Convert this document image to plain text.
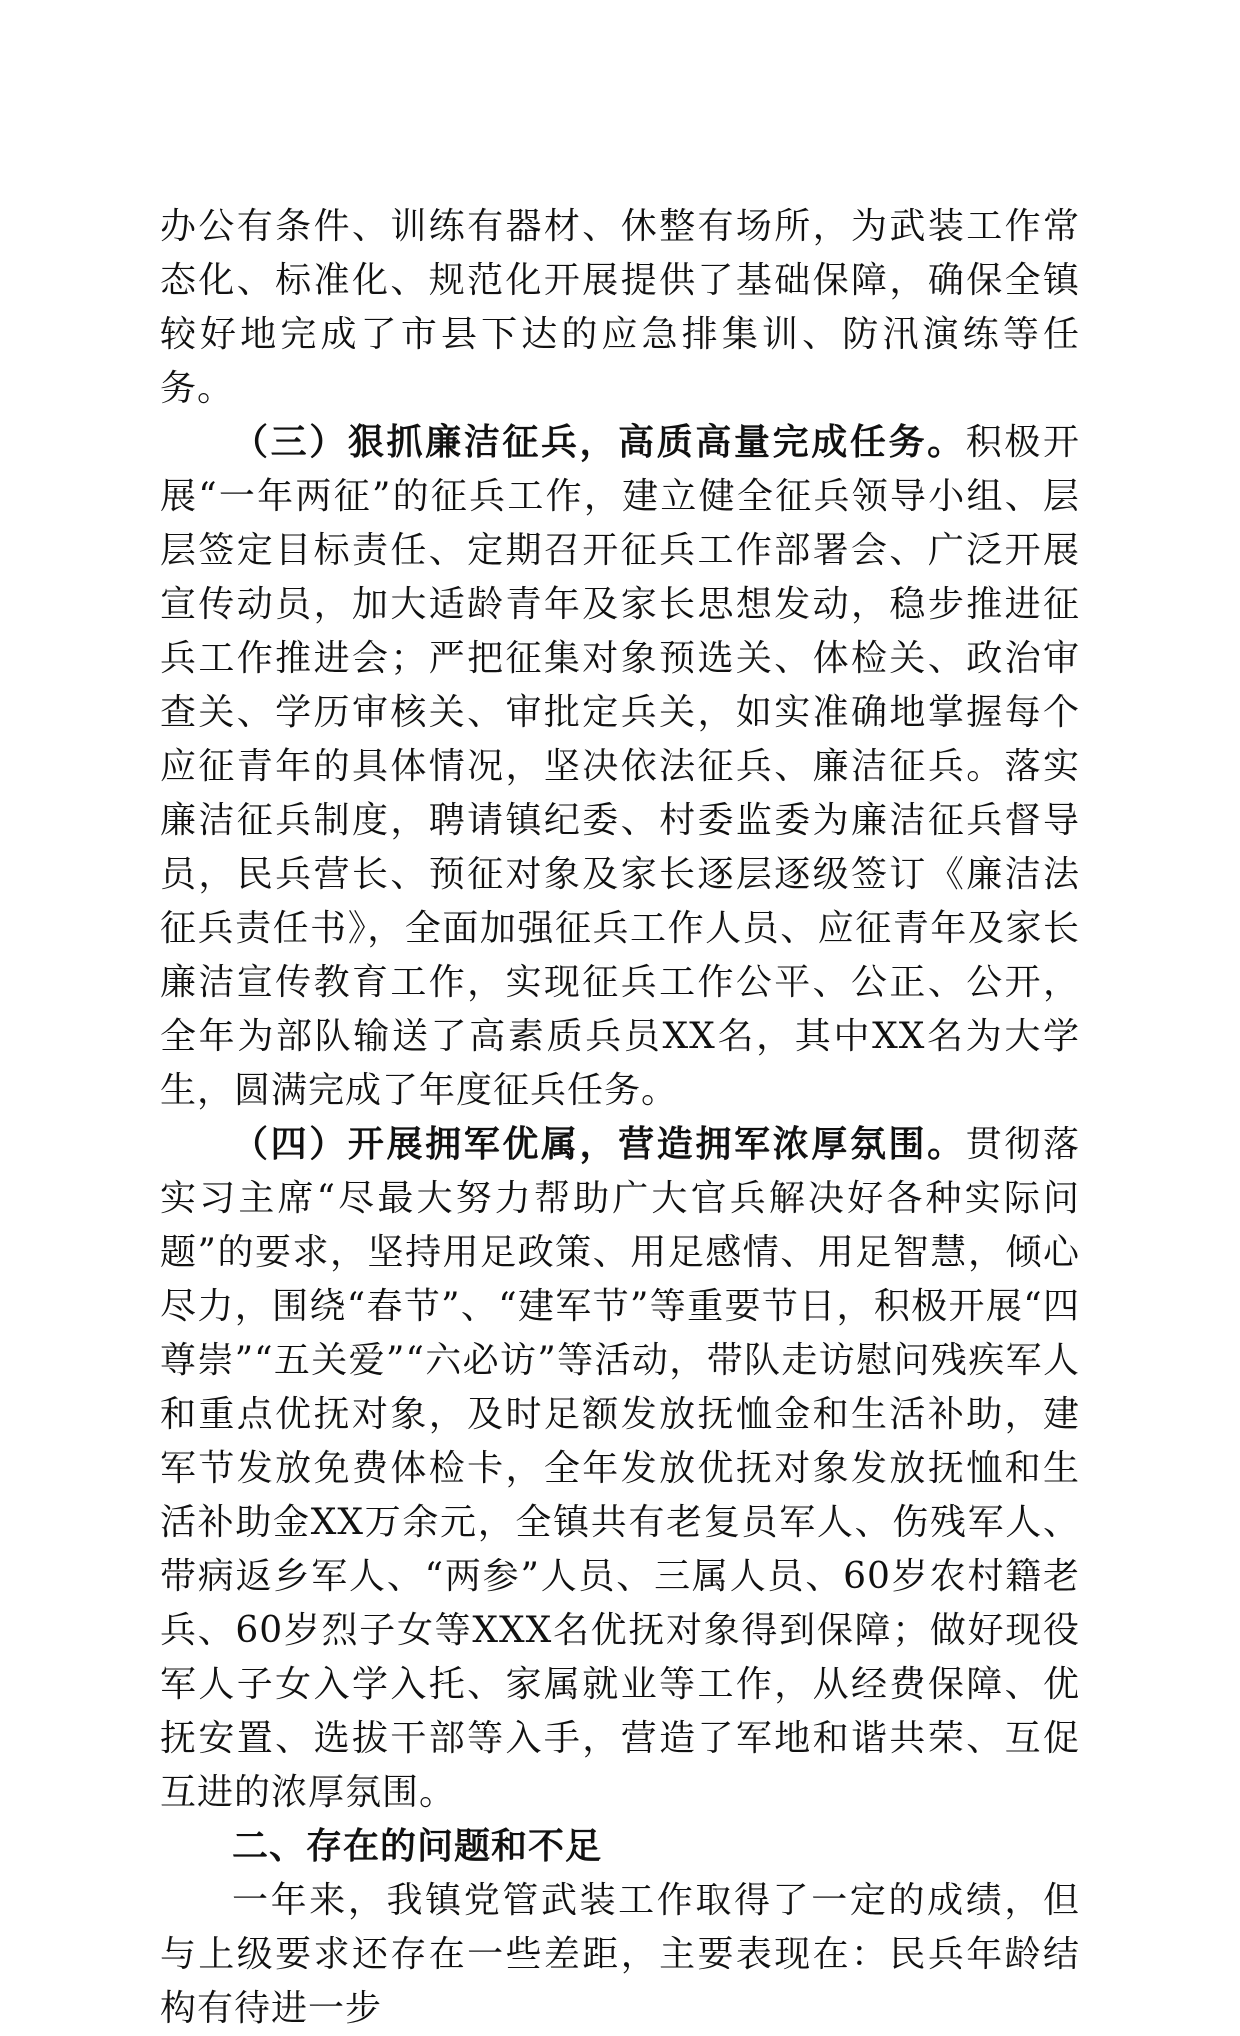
办公有条件、训练有器材、休整有场所，为武装工作常态化、标准化、规范化开展提供了基础保障，确保全镇较好地完成了市县下达的应急排集训、防汛演练等任务。

（三）狠抓廉洁征兵，高质高量完成任务。积极开展“一年两征”的征兵工作，建立健全征兵领导小组、层层签定目标责任、定期召开征兵工作部署会、广泛开展宣传动员，加大适龄青年及家长思想发动，稳步推进征兵工作推进会；严把征集对象预选关、体检关、政治审查关、学历审核关、审批定兵关，如实准确地掌握每个应征青年的具体情况，坚决依法征兵、廉洁征兵。落实廉洁征兵制度，聘请镇纪委、村委监委为廉洁征兵督导员，民兵营长、预征对象及家长逐层逐级签订《廉洁法征兵责任书》，全面加强征兵工作人员、应征青年及家长廉洁宣传教育工作，实现征兵工作公平、公正、公开，全年为部队输送了高素质兵员XX名，其中XX名为大学生，圆满完成了年度征兵任务。

（四）开展拥军优属，营造拥军浓厚氛围。贯彻落实习主席“尽最大努力帮助广大官兵解决好各种实际问题”的要求，坚持用足政策、用足感情、用足智慧，倾心尽力，围绕“春节”、“建军节”等重要节日，积极开展“四尊崇”“五关爱”“六必访”等活动，带队走访慰问残疾军人和重点优抚对象，及时足额发放抚恤金和生活补助，建军节发放免费体检卡，全年发放优抚对象发放抚恤和生活补助金XX万余元，全镇共有老复员军人、伤残军人、带病返乡军人、“两参”人员、三属人员、60岁农村籍老兵、60岁烈子女等XXX名优抚对象得到保障；做好现役军人子女入学入托、家属就业等工作，从经费保障、优抚安置、选拔干部等入手，营造了军地和谐共荣、互促互进的浓厚氛围。

二、存在的问题和不足

一年来，我镇党管武装工作取得了一定的成绩，但与上级要求还存在一些差距，主要表现在：民兵年龄结构有待进一步
